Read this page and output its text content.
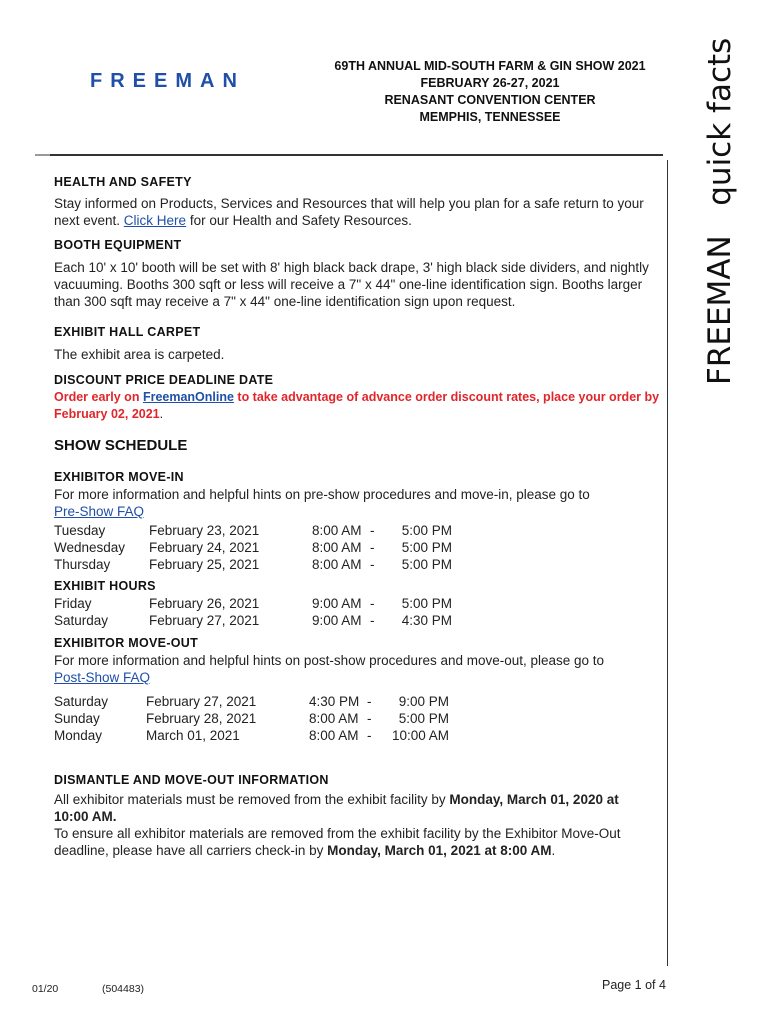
FREEMAN
69TH ANNUAL MID-SOUTH FARM & GIN SHOW 2021
FEBRUARY 26-27, 2021
RENASANT CONVENTION CENTER
MEMPHIS, TENNESSEE	FREEMAN   quick facts
HEALTH AND SAFETY
Stay informed on Products, Services and Resources that will help you plan for a safe return to your next event. Click Here for our Health and Safety Resources.
BOOTH EQUIPMENT
Each 10' x 10' booth will be set with 8' high black back drape, 3' high black side dividers, and nightly vacuuming. Booths 300 sqft or less will receive a 7" x 44" one-line identification sign. Booths larger than 300 sqft may receive a 7" x 44" one-line identification sign upon request.
EXHIBIT HALL CARPET
The exhibit area is carpeted.
DISCOUNT PRICE DEADLINE DATE
Order early on FreemanOnline to take advantage of advance order discount rates, place your order by February 02, 2021.
SHOW SCHEDULE
EXHIBITOR MOVE-IN
For more information and helpful hints on pre-show procedures and move-in, please go to
Pre-Show FAQ
Tuesday	February 23, 2021	8:00 AM -	5:00 PM
Wednesday	February 24, 2021	8:00 AM -	5:00 PM
Thursday	February 25, 2021	8:00 AM -	5:00 PM
EXHIBIT HOURS
Friday	February 26, 2021	9:00 AM -	5:00 PM
Saturday	February 27, 2021	9:00 AM -	4:30 PM
EXHIBITOR MOVE-OUT
For more information and helpful hints on post-show procedures and move-out, please go to
Post-Show FAQ
Saturday	February 27, 2021	4:30 PM -	9:00 PM
Sunday	February 28, 2021	8:00 AM -	5:00 PM
Monday	March 01, 2021	8:00 AM -	10:00 AM
DISMANTLE AND MOVE-OUT INFORMATION
All exhibitor materials must be removed from the exhibit facility by Monday, March 01, 2020 at 10:00 AM.
To ensure all exhibitor materials are removed from the exhibit facility by the Exhibitor Move-Out deadline, please have all carriers check-in by Monday, March 01, 2021 at 8:00 AM.
01/20	(504483)	Page 1 of 4
